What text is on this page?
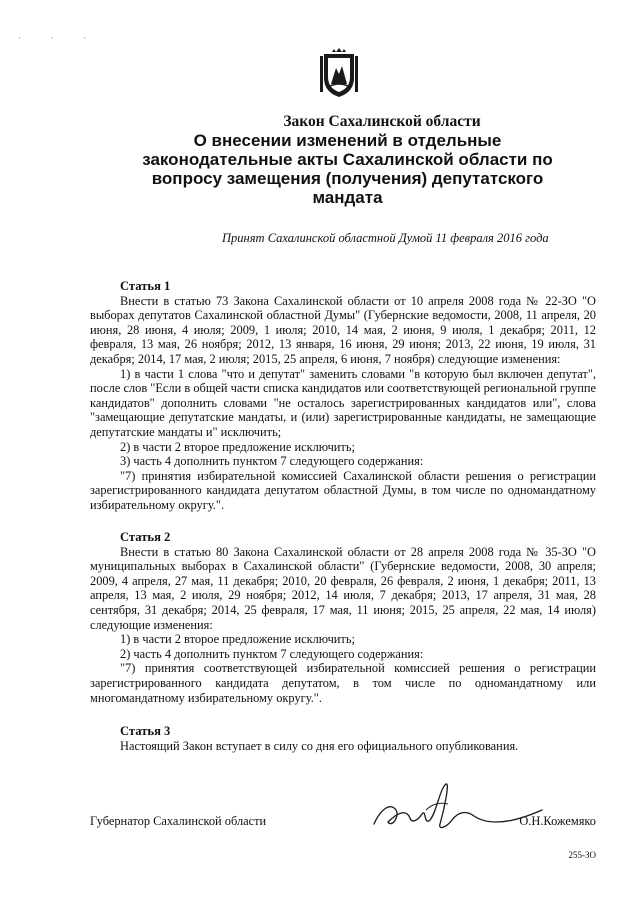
· · ·
Закон Сахалинской области
О внесении изменений в отдельные
законодательные акты Сахалинской области по
вопросу замещения (получения) депутатского
мандата
Принят Сахалинской областной Думой 11 февраля 2016 года
Статья 1
Внести в статью 73 Закона Сахалинской области от 10 апреля 2008 года № 22-ЗО "О выборах депутатов Сахалинской областной Думы" (Губернские ведомости, 2008, 11 апреля, 20 июня, 28 июня, 4 июля; 2009, 1 июля; 2010, 14 мая, 2 июня, 9 июля, 1 декабря; 2011, 12 февраля, 13 мая, 26 ноября; 2012, 13 января, 16 июня, 29 июня; 2013, 22 июня, 19 июля, 31 декабря; 2014, 17 мая, 2 июля; 2015, 25 апреля, 6 июня, 7 ноября) следующие изменения:
1) в части 1 слова "что и депутат" заменить словами "в которую был включен депутат", после слов "Если в общей части списка кандидатов или соответствующей региональной группе кандидатов" дополнить словами "не осталось зарегистрированных кандидатов или", слова "замещающие депутатские мандаты, и (или) зарегистрированные кандидаты, не замещающие депутатские мандаты и" исключить;
2) в части 2 второе предложение исключить;
3) часть 4 дополнить пунктом 7 следующего содержания:
"7) принятия избирательной комиссией Сахалинской области решения о регистрации зарегистрированного кандидата депутатом областной Думы, в том числе по одномандатному избирательному округу.".
Статья 2
Внести в статью 80 Закона Сахалинской области от 28 апреля 2008 года № 35-ЗО "О муниципальных выборах в Сахалинской области" (Губернские ведомости, 2008, 30 апреля; 2009, 4 апреля, 27 мая, 11 декабря; 2010, 20 февраля, 26 февраля, 2 июня, 1 декабря; 2011, 13 апреля, 13 мая, 2 июля, 29 ноября; 2012, 14 июля, 7 декабря; 2013, 17 апреля, 31 мая, 28 сентября, 31 декабря; 2014, 25 февраля, 17 мая, 11 июня; 2015, 25 апреля, 22 мая, 14 июля) следующие изменения:
1) в части 2 второе предложение исключить;
2) часть 4 дополнить пунктом 7 следующего содержания:
"7) принятия соответствующей избирательной комиссией решения о регистрации зарегистрированного кандидата депутатом, в том числе по одномандатному или многомандатному избирательному округу.".
Статья 3
Настоящий Закон вступает в силу со дня его официального опубликования.
Губернатор Сахалинской области	О.Н.Кожемяко
255-ЗО
